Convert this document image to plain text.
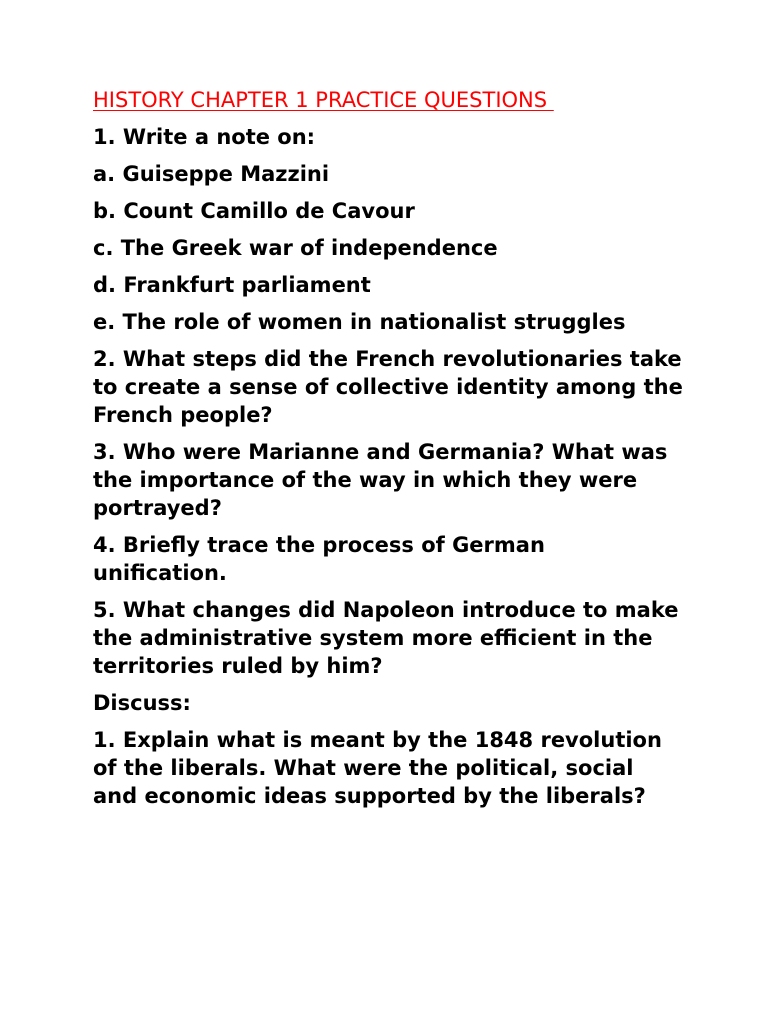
HISTORY CHAPTER 1 PRACTICE QUESTIONS
1. Write a note on:
a. Guiseppe Mazzini
b. Count Camillo de Cavour
c. The Greek war of independence
d. Frankfurt parliament
e. The role of women in nationalist struggles
2. What steps did the French revolutionaries take to create a sense of collective identity among the French people?
3. Who were Marianne and Germania? What was the importance of the way in which they were portrayed?
4. Briefly trace the process of German unification.
5. What changes did Napoleon introduce to make the administrative system more efficient in the territories ruled by him?
Discuss:
1. Explain what is meant by the 1848 revolution of the liberals. What were the political, social and economic ideas supported by the liberals?
